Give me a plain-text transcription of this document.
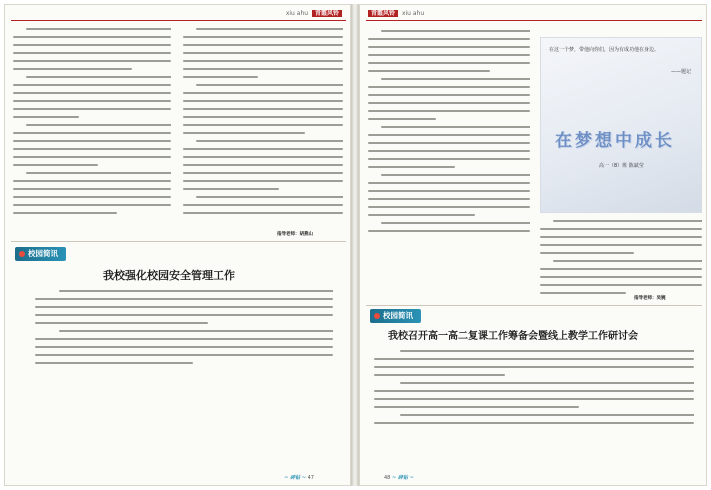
xiu ahu 青霞风铃
指导老师：胡燕山
校园简讯
我校强化校园安全管理工作
~ 碎钻 ~ 47
青霞风铃 xiu ahu
在这一个梦，带他向你们，因为有成功他在身边。
——题记
在梦想中成长
高一（8）班 陈斌莹
指导老师：吴婉
校园简讯
我校召开高一高二复课工作筹备会暨线上教学工作研讨会
48 ~ 碎钻 ~
